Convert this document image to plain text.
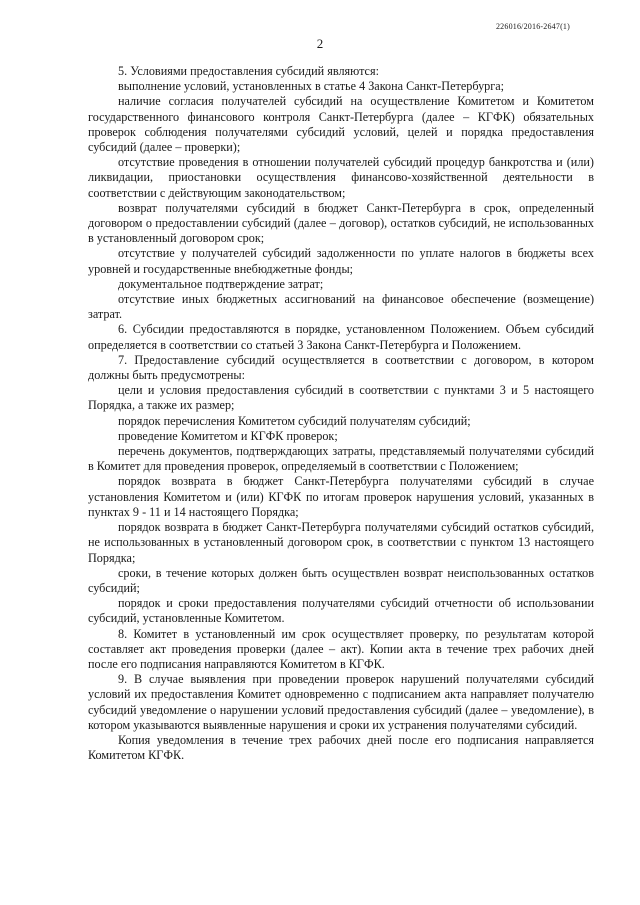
226016/2016-2647(1)
2

5. Условиями предоставления субсидий являются:

выполнение условий, установленных в статье 4 Закона Санкт-Петербурга;

наличие согласия получателей субсидий на осуществление Комитетом и Комитетом государственного финансового контроля Санкт-Петербурга (далее – КГФК) обязательных проверок соблюдения получателями субсидий условий, целей и порядка предоставления субсидий (далее – проверки);

отсутствие проведения в отношении получателей субсидий процедур банкротства и (или) ликвидации, приостановки осуществления финансово-хозяйственной деятельности в соответствии с действующим законодательством;

возврат получателями субсидий в бюджет Санкт-Петербурга в срок, определенный договором о предоставлении субсидий (далее – договор), остатков субсидий, не использованных в установленный договором срок;

отсутствие у получателей субсидий задолженности по уплате налогов в бюджеты всех уровней и государственные внебюджетные фонды;

документальное подтверждение затрат;

отсутствие иных бюджетных ассигнований на финансовое обеспечение (возмещение) затрат.

6. Субсидии предоставляются в порядке, установленном Положением. Объем субсидий определяется в соответствии со статьей 3 Закона Санкт-Петербурга и Положением.

7. Предоставление субсидий осуществляется в соответствии с договором, в котором должны быть предусмотрены:

цели и условия предоставления субсидий в соответствии с пунктами 3 и 5 настоящего Порядка, а также их размер;

порядок перечисления Комитетом субсидий получателям субсидий;

проведение Комитетом и КГФК проверок;

перечень документов, подтверждающих затраты, представляемый получателями субсидий в Комитет для проведения проверок, определяемый в соответствии с Положением;

порядок возврата в бюджет Санкт-Петербурга получателями субсидий в случае установления Комитетом и (или) КГФК по итогам проверок нарушения условий, указанных в пунктах 9 - 11 и 14 настоящего Порядка;

порядок возврата в бюджет Санкт-Петербурга получателями субсидий остатков субсидий, не использованных в установленный договором срок, в соответствии с пунктом 13 настоящего Порядка;

сроки, в течение которых должен быть осуществлен возврат неиспользованных остатков субсидий;

порядок и сроки предоставления получателями субсидий отчетности об использовании субсидий, установленные Комитетом.

8. Комитет в установленный им срок осуществляет проверку, по результатам которой составляет акт проведения проверки (далее – акт). Копии акта в течение трех рабочих дней после его подписания направляются Комитетом в КГФК.

9. В случае выявления при проведении проверок нарушений получателями субсидий условий их предоставления Комитет одновременно с подписанием акта направляет получателю субсидий уведомление о нарушении условий предоставления субсидий (далее – уведомление), в котором указываются выявленные нарушения и сроки их устранения получателями субсидий.

Копия уведомления в течение трех рабочих дней после его подписания направляется Комитетом КГФК.
